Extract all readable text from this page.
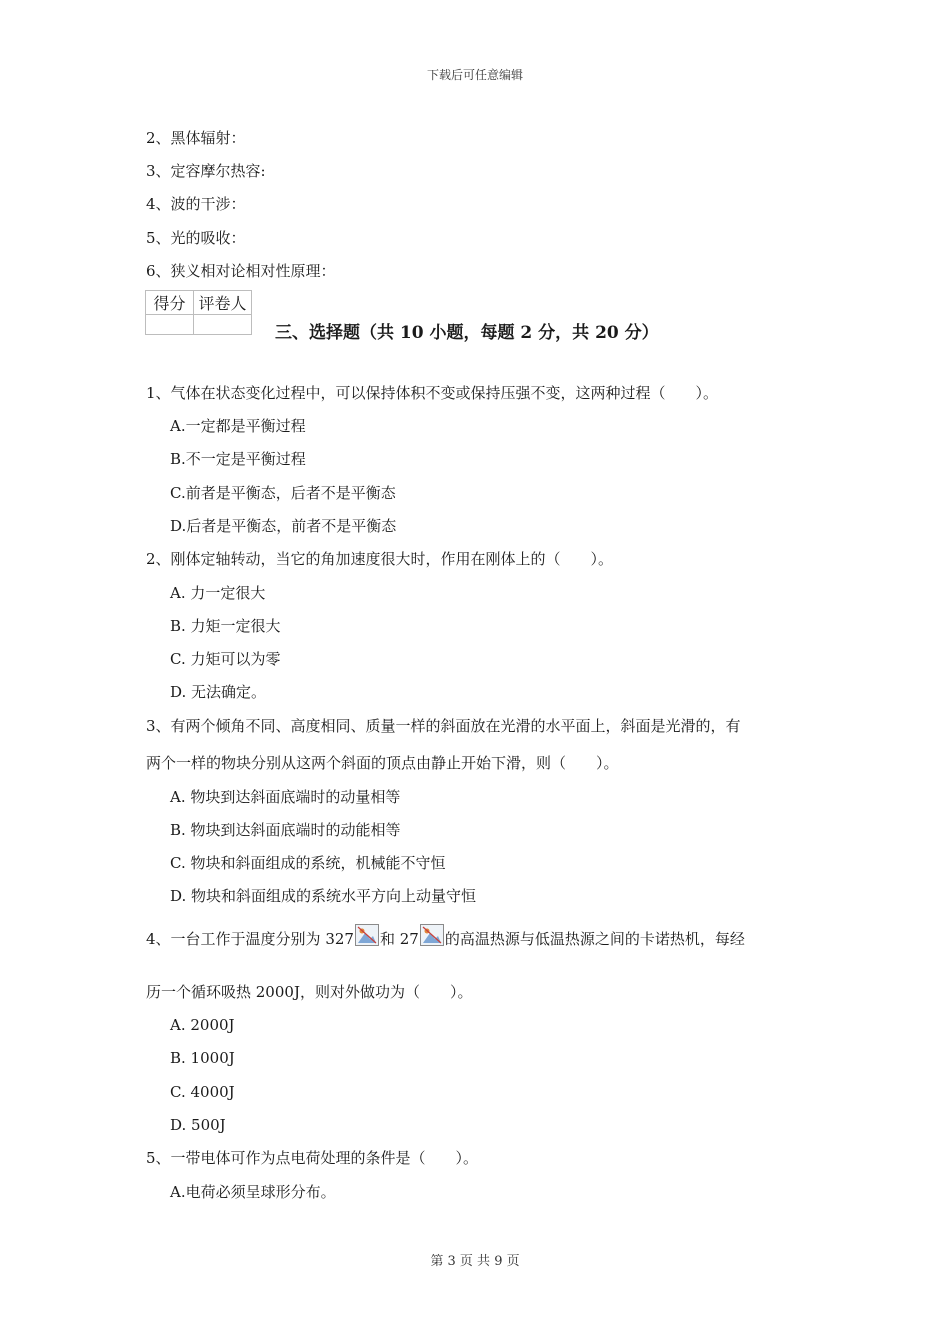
下载后可任意编辑
2、黑体辐射：
3、定容摩尔热容:
4、波的干涉：
5、光的吸收：
6、狭义相对论相对性原理：
得分	评卷人

三、选择题（共 10 小题，每题 2 分，共 20 分）
1、气体在状态变化过程中，可以保持体积不变或保持压强不变，这两种过程（　　）。
A.一定都是平衡过程
B.不一定是平衡过程
C.前者是平衡态，后者不是平衡态
D.后者是平衡态，前者不是平衡态
2、刚体定轴转动，当它的角加速度很大时，作用在刚体上的（　　）。
A. 力一定很大
B. 力矩一定很大
C. 力矩可以为零
D. 无法确定。
3、有两个倾角不同、高度相同、质量一样的斜面放在光滑的水平面上，斜面是光滑的，有
两个一样的物块分别从这两个斜面的顶点由静止开始下滑，则（　　）。
A. 物块到达斜面底端时的动量相等
B. 物块到达斜面底端时的动能相等
C. 物块和斜面组成的系统，机械能不守恒
D. 物块和斜面组成的系统水平方向上动量守恒
4、一台工作于温度分别为 327 和 27 的高温热源与低温热源之间的卡诺热机，每经
历一个循环吸热 2000J，则对外做功为（　　）。
A. 2000J
B. 1000J
C. 4000J
D. 500J
5、一带电体可作为点电荷处理的条件是（　　）。
A.电荷必须呈球形分布。
第 3 页 共 9 页
